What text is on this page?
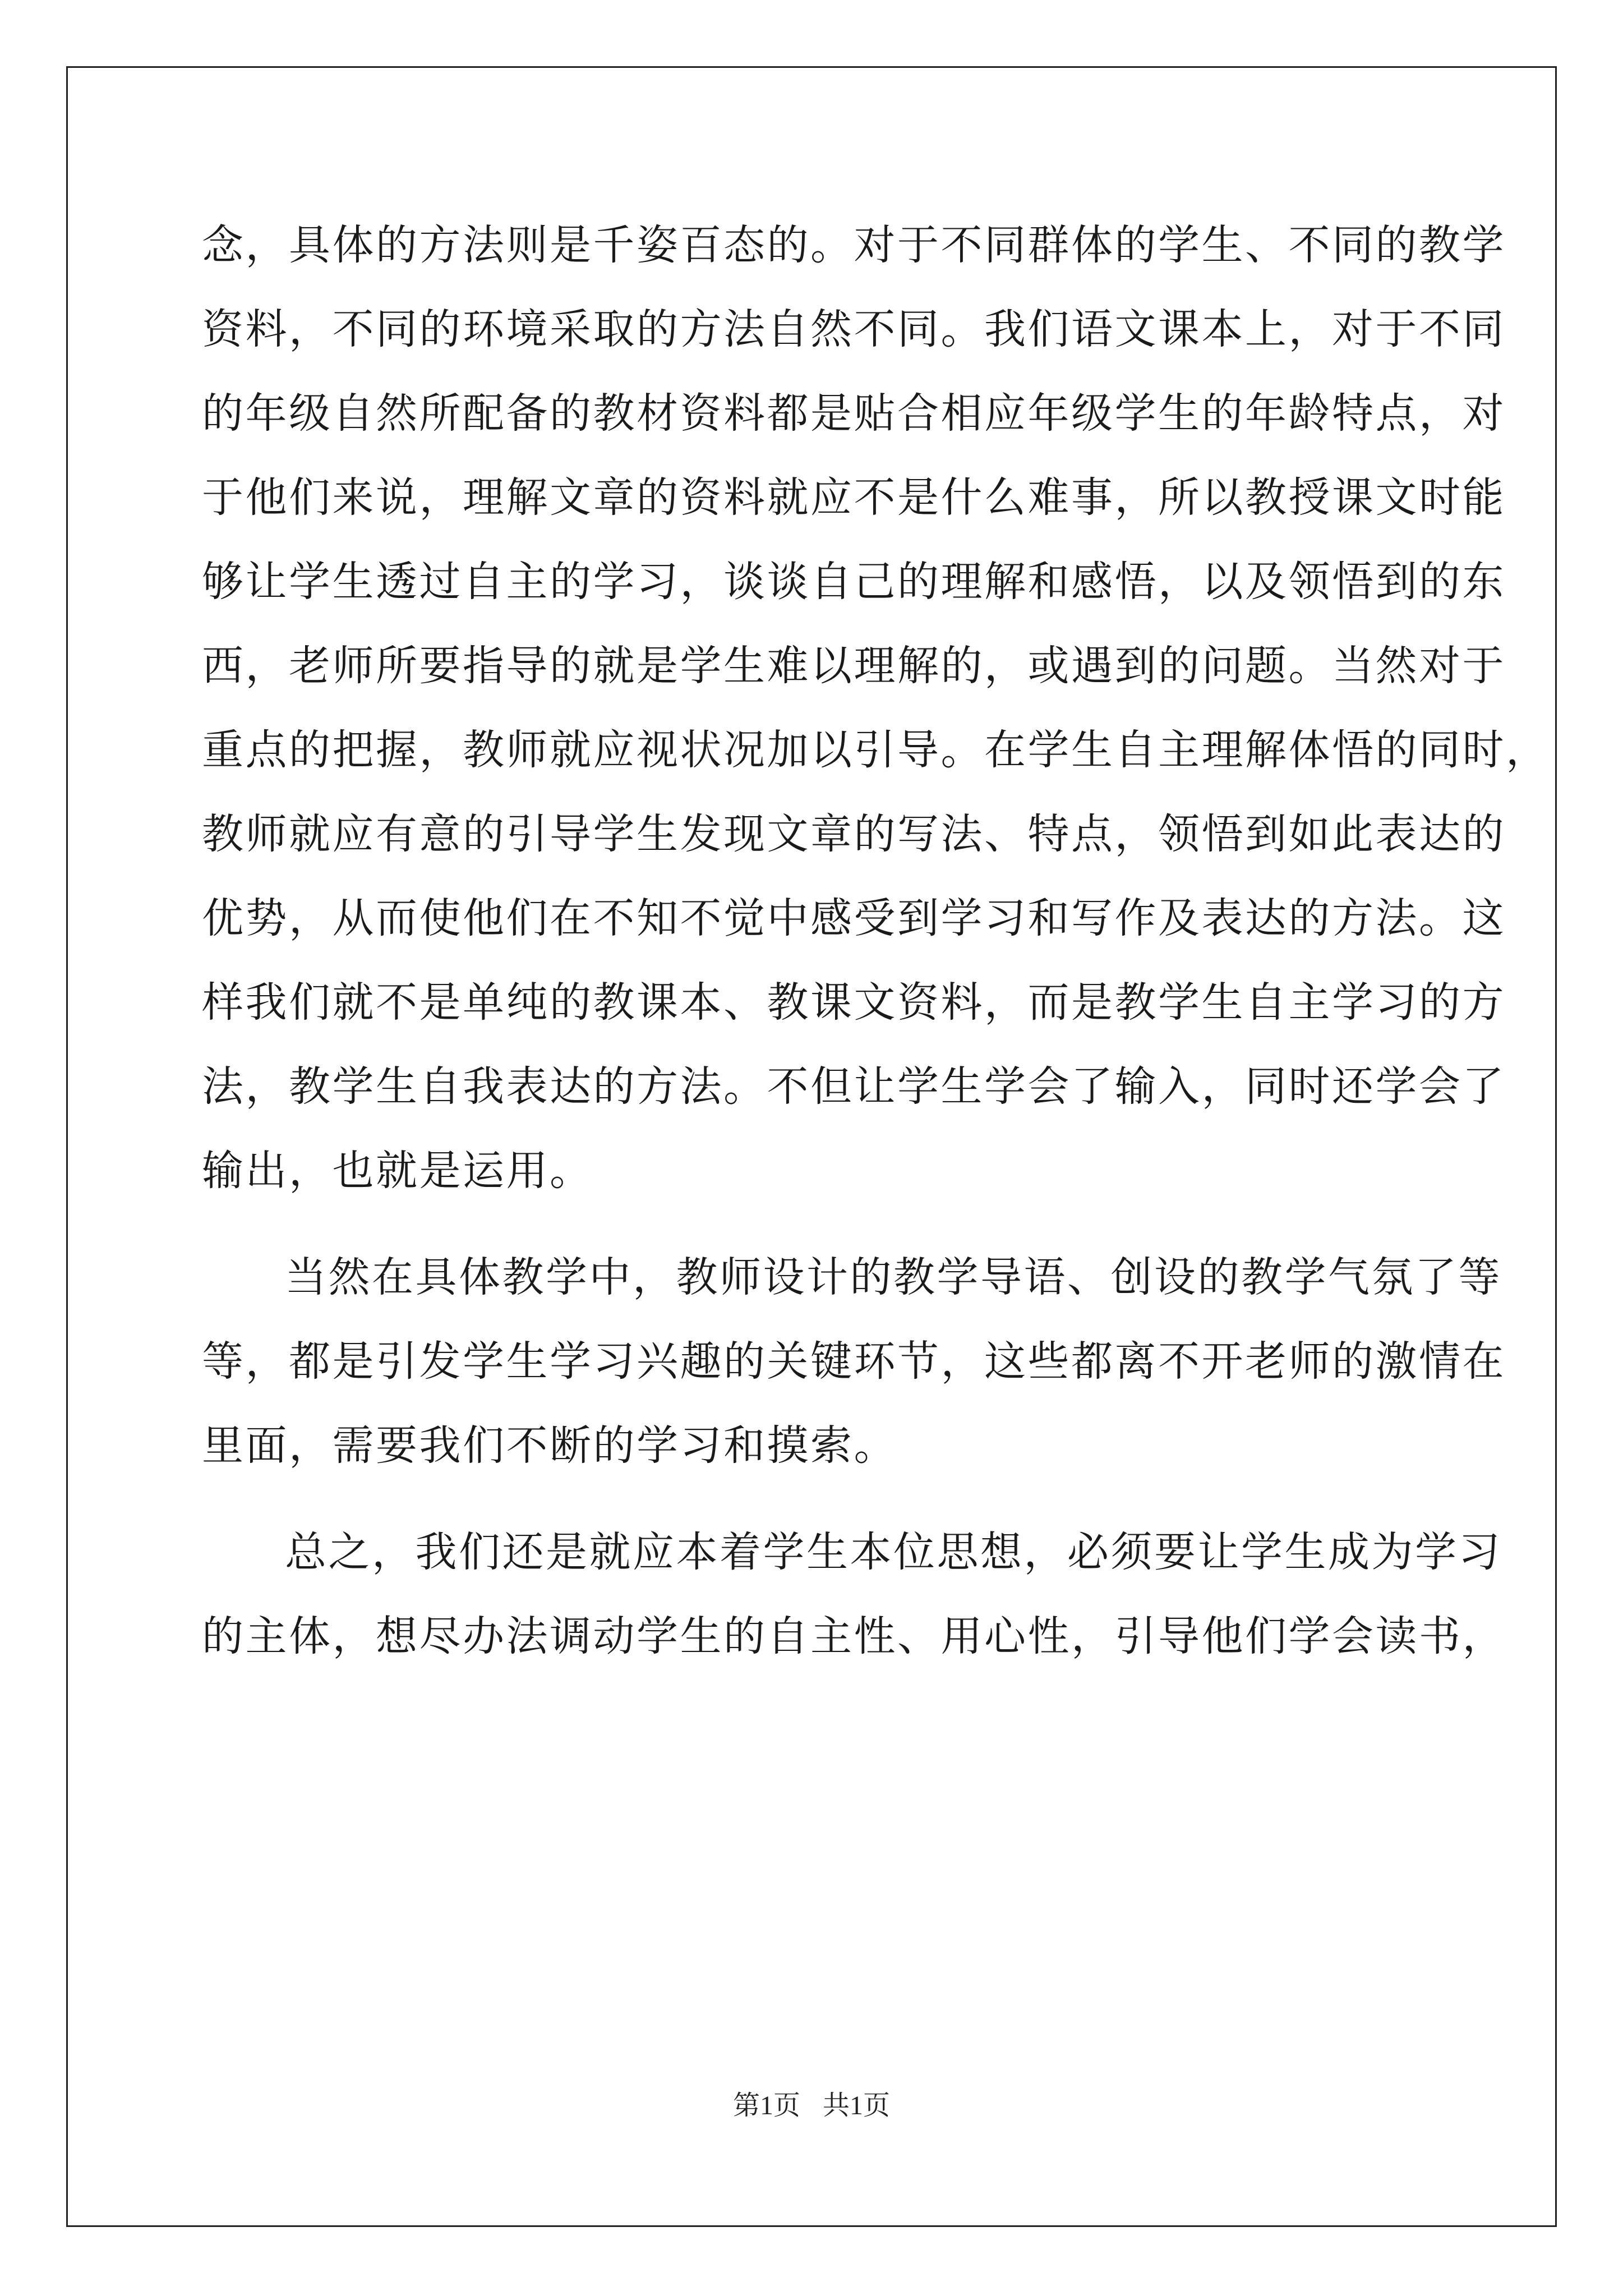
念，具体的方法则是千姿百态的。对于不同群体的学生、不同的教学
资料，不同的环境采取的方法自然不同。我们语文课本上，对于不同
的年级自然所配备的教材资料都是贴合相应年级学生的年龄特点，对
于他们来说，理解文章的资料就应不是什么难事，所以教授课文时能
够让学生透过自主的学习，谈谈自己的理解和感悟，以及领悟到的东
西，老师所要指导的就是学生难以理解的，或遇到的问题。当然对于
重点的把握，教师就应视状况加以引导。在学生自主理解体悟的同时，
教师就应有意的引导学生发现文章的写法、特点，领悟到如此表达的
优势，从而使他们在不知不觉中感受到学习和写作及表达的方法。这
样我们就不是单纯的教课本、教课文资料，而是教学生自主学习的方
法，教学生自我表达的方法。不但让学生学会了输入，同时还学会了
输出，也就是运用。
当然在具体教学中，教师设计的教学导语、创设的教学气氛了等
等，都是引发学生学习兴趣的关键环节，这些都离不开老师的激情在
里面，需要我们不断的学习和摸索。
总之，我们还是就应本着学生本位思想，必须要让学生成为学习
的主体，想尽办法调动学生的自主性、用心性，引导他们学会读书，
第1页 共1页
